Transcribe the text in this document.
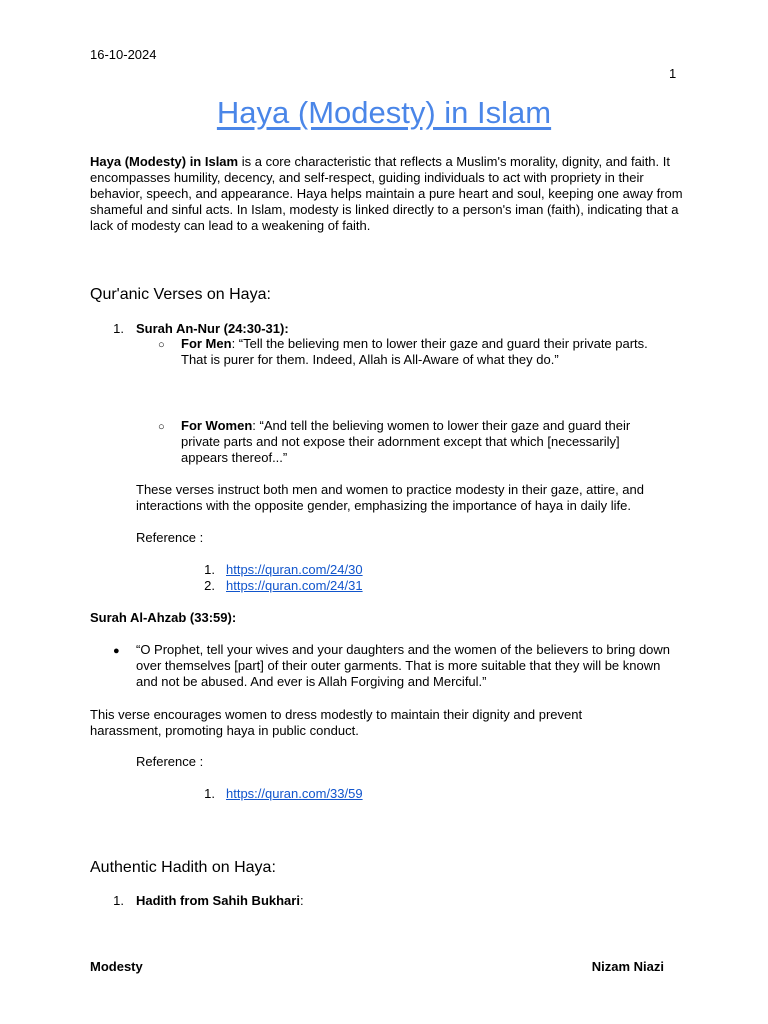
16-10-2024
1
Haya (Modesty) in Islam
Haya (Modesty) in Islam is a core characteristic that reflects a Muslim's morality, dignity, and faith. It encompasses humility, decency, and self-respect, guiding individuals to act with propriety in their behavior, speech, and appearance. Haya helps maintain a pure heart and soul, keeping one away from shameful and sinful acts. In Islam, modesty is linked directly to a person's iman (faith), indicating that a lack of modesty can lead to a weakening of faith.
Qur'anic Verses on Haya:
1. Surah An-Nur (24:30-31):
○ For Men: “Tell the believing men to lower their gaze and guard their private parts. That is purer for them. Indeed, Allah is All-Aware of what they do.”
○ For Women: “And tell the believing women to lower their gaze and guard their private parts and not expose their adornment except that which [necessarily] appears thereof...”
These verses instruct both men and women to practice modesty in their gaze, attire, and interactions with the opposite gender, emphasizing the importance of haya in daily life.
Reference :
1. https://quran.com/24/30
2. https://quran.com/24/31
Surah Al-Ahzab (33:59):
● “O Prophet, tell your wives and your daughters and the women of the believers to bring down over themselves [part] of their outer garments. That is more suitable that they will be known and not be abused. And ever is Allah Forgiving and Merciful.”
This verse encourages women to dress modestly to maintain their dignity and prevent harassment, promoting haya in public conduct.
Reference :
1. https://quran.com/33/59
Authentic Hadith on Haya:
1. Hadith from Sahih Bukhari:
Modesty	Nizam Niazi
